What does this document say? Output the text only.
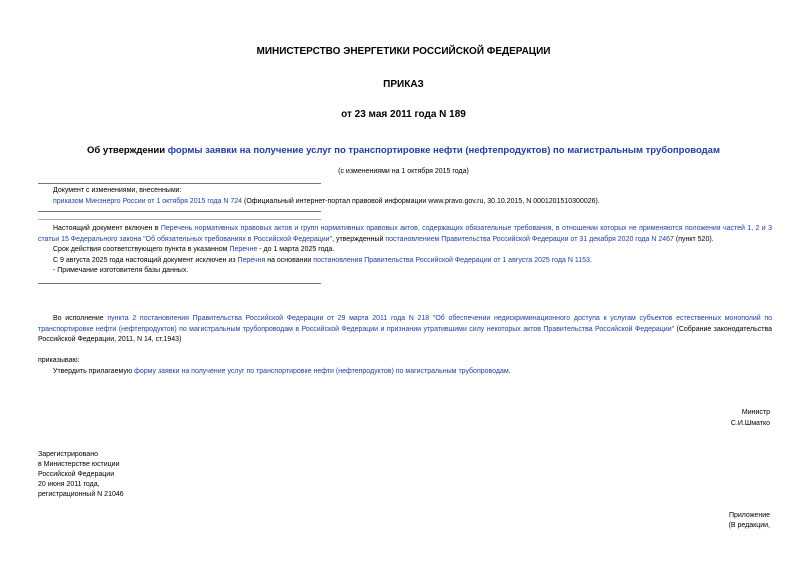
МИНИСТЕРСТВО ЭНЕРГЕТИКИ РОССИЙСКОЙ ФЕДЕРАЦИИ
ПРИКАЗ
от 23 мая 2011 года N 189
Об утверждении формы заявки на получение услуг по транспортировке нефти (нефтепродуктов) по магистральным трубопроводам
(с изменениями на 1 октября 2015 года)
Документ с изменениями, внесенными:
приказом Минэнерго России от 1 октября 2015 года N 724 (Официальный интернет-портал правовой информации www.pravo.gov.ru, 30.10.2015, N 0001201510300026).
Настоящий документ включен в Перечень нормативных правовых актов и групп нормативных правовых актов, содержащих обязательные требования, в отношении которых не применяются положения частей 1, 2 и 3 статьи 15 Федерального закона "Об обязательных требованиях в Российской Федерации", утвержденный постановлением Правительства Российской Федерации от 31 декабря 2020 года N 2467 (пункт 520).
Срок действия соответствующего пункта в указанном Перечне - до 1 марта 2025 года.
С 9 августа 2025 года настоящий документ исключен из Перечня на основании постановления Правительства Российской Федерации от 1 августа 2025 года N 1153.
- Примечание изготовителя базы данных.
Во исполнение пункта 2 постановления Правительства Российской Федерации от 29 марта 2011 года N 218 "Об обеспечении недискриминационного доступа к услугам субъектов естественных монополий по транспортировке нефти (нефтепродуктов) по магистральным трубопроводам в Российской Федерации и признании утратившими силу некоторых актов Правительства Российской Федерации" (Собрание законодательства Российской Федерации, 2011, N 14, ст.1943)
приказываю:
Утвердить прилагаемую форму заявки на получение услуг по транспортировке нефти (нефтепродуктов) по магистральным трубопроводам.
Министр
С.И.Шматко
Зарегистрировано
в Министерстве юстиции
Российской Федерации
20 июня 2011 года,
регистрационный N 21046
Приложение
(В редакции,
